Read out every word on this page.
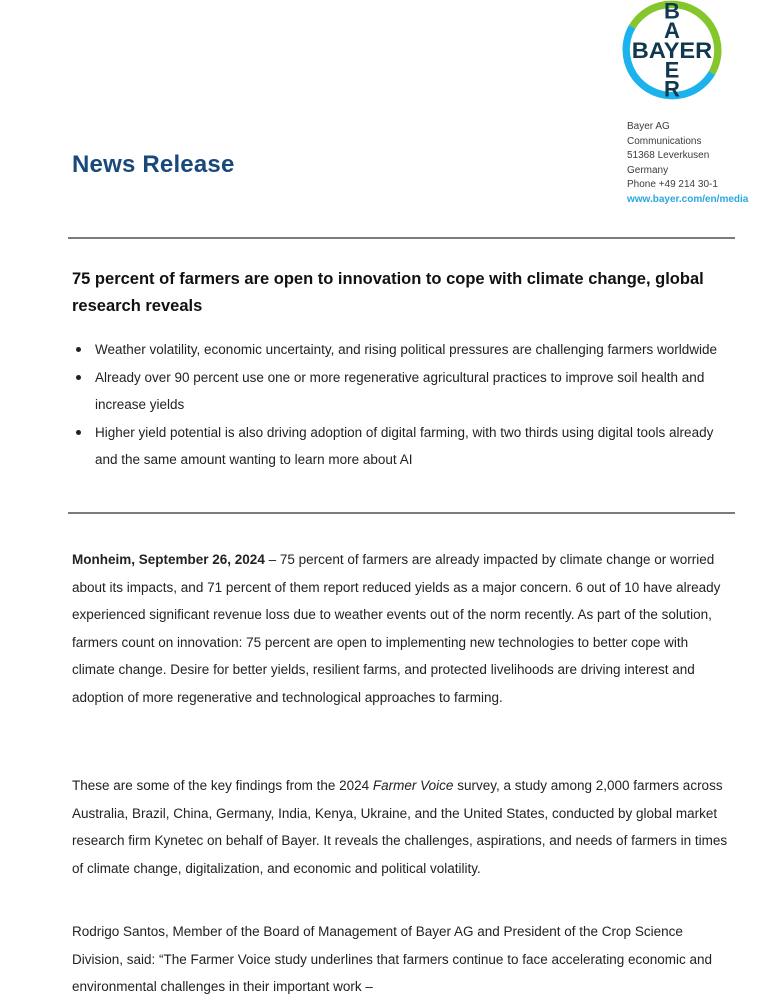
B
A
E
R
BAYER
Bayer AG
Communications
51368 Leverkusen
Germany
Phone +49 214 30-1
www.bayer.com/en/media
News Release
75 percent of farmers are open to innovation to cope with climate change, global research reveals
Weather volatility, economic uncertainty, and rising political pressures are challenging farmers worldwide
Already over 90 percent use one or more regenerative agricultural practices to improve soil health and increase yields
Higher yield potential is also driving adoption of digital farming, with two thirds using digital tools already and the same amount wanting to learn more about AI

Monheim, September 26, 2024 – 75 percent of farmers are already impacted by climate change or worried about its impacts, and 71 percent of them report reduced yields as a major concern. 6 out of 10 have already experienced significant revenue loss due to weather events out of the norm recently. As part of the solution, farmers count on innovation: 75 percent are open to implementing new technologies to better cope with climate change. Desire for better yields, resilient farms, and protected livelihoods are driving interest and adoption of more regenerative and technological approaches to farming.

These are some of the key findings from the 2024 Farmer Voice survey, a study among 2,000 farmers across Australia, Brazil, China, Germany, India, Kenya, Ukraine, and the United States, conducted by global market research firm Kynetec on behalf of Bayer. It reveals the challenges, aspirations, and needs of farmers in times of climate change, digitalization, and economic and political volatility.

Rodrigo Santos, Member of the Board of Management of Bayer AG and President of the Crop Science Division, said: “The Farmer Voice study underlines that farmers continue to face accelerating economic and environmental challenges in their important work –
